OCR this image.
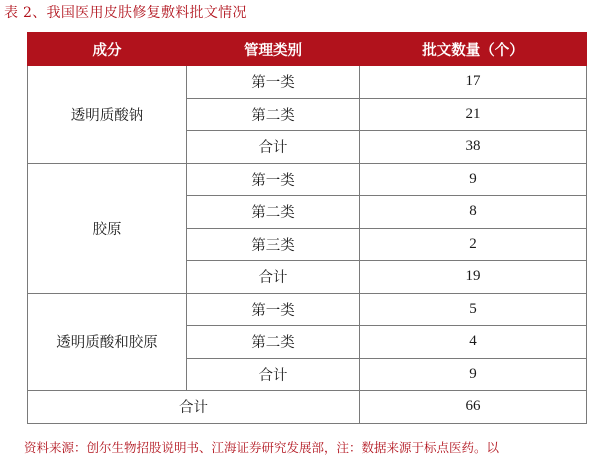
表 2、我国医用皮肤修复敷料批文情况
成分	管理类别	批文数量（个）
透明质酸钠	第一类	17
	第二类	21
	合计	38
胶原	第一类	9
	第二类	8
	第三类	2
	合计	19
透明质酸和胶原	第一类	5
	第二类	4
	合计	9
合计		66
资料来源：创尔生物招股说明书、江海证券研究发展部，注：数据来源于标点医药。以
